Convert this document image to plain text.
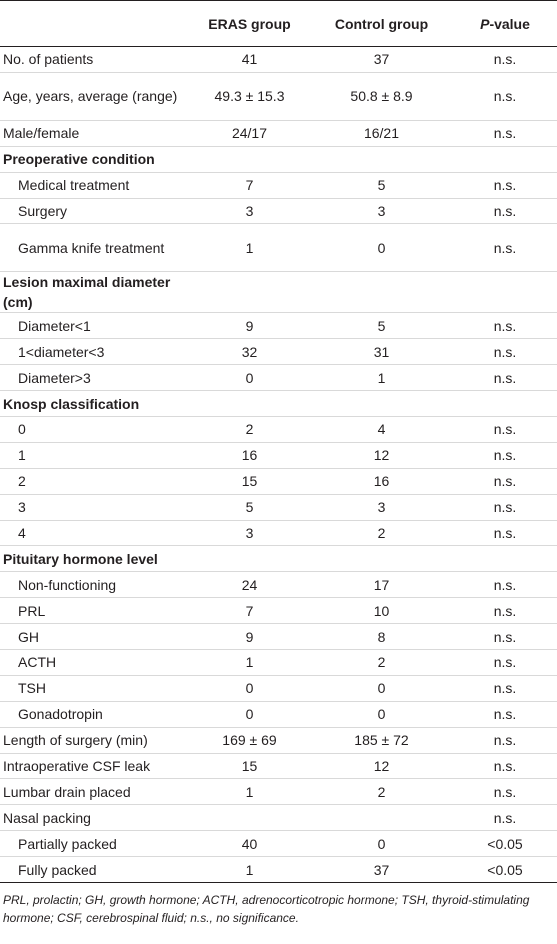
	ERAS group	Control group	P-value
No. of patients	41	37	n.s.
Age, years, average (range)	49.3 ± 15.3	50.8 ± 8.9	n.s.
Male/female	24/17	16/21	n.s.
Preoperative condition			
Medical treatment	7	5	n.s.
Surgery	3	3	n.s.
Gamma knife treatment	1	0	n.s.
Lesion maximal diameter (cm)			
Diameter<1	9	5	n.s.
1<diameter<3	32	31	n.s.
Diameter>3	0	1	n.s.
Knosp classification			
0	2	4	n.s.
1	16	12	n.s.
2	15	16	n.s.
3	5	3	n.s.
4	3	2	n.s.
Pituitary hormone level			
Non-functioning	24	17	n.s.
PRL	7	10	n.s.
GH	9	8	n.s.
ACTH	1	2	n.s.
TSH	0	0	n.s.
Gonadotropin	0	0	n.s.
Length of surgery (min)	169 ± 69	185 ± 72	n.s.
Intraoperative CSF leak	15	12	n.s.
Lumbar drain placed	1	2	n.s.
Nasal packing			n.s.
Partially packed	40	0	<0.05
Fully packed	1	37	<0.05

PRL, prolactin; GH, growth hormone; ACTH, adrenocorticotropic hormone; TSH, thyroid-stimulating hormone; CSF, cerebrospinal fluid; n.s., no significance.
